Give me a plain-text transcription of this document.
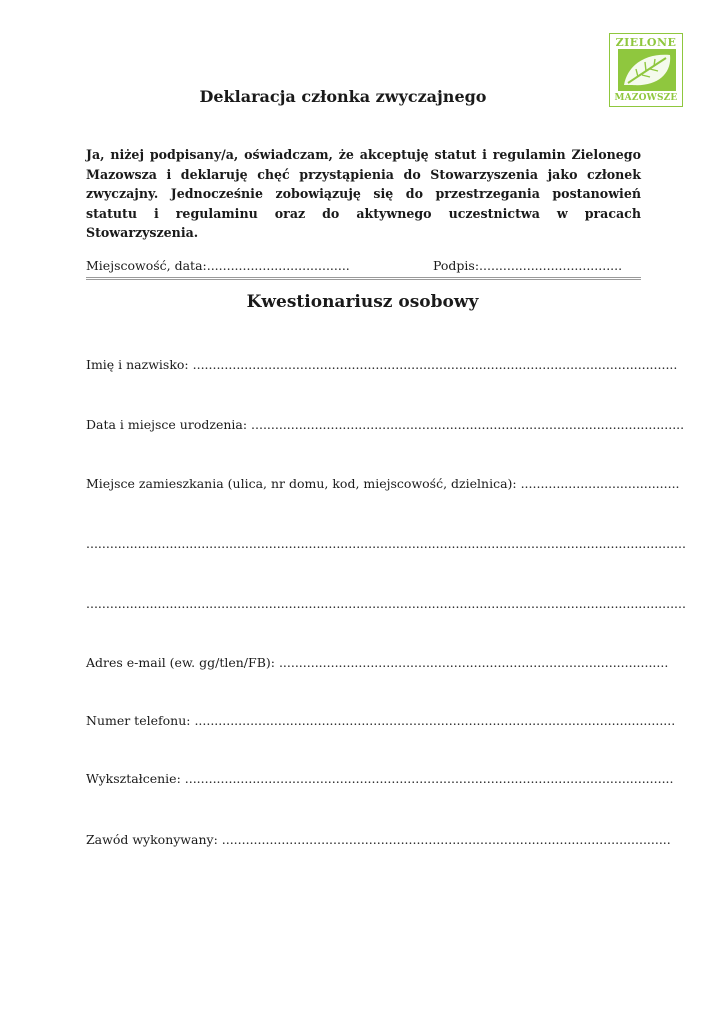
ZIELONE
MAZOWSZE
Deklaracja członka zwyczajnego
Ja, niżej podpisany/a, oświadczam, że akceptuję statut i regulamin Zielonego Mazowsza i deklaruję chęć przystąpienia do Stowarzyszenia jako członek zwyczajny. Jednocześnie zobowiązuję się do przestrzegania postanowień statutu i regulaminu oraz do aktywnego uczestnictwa w pracach Stowarzyszenia.
Miejscowość, data:....................................	Podpis:....................................
Kwestionariusz osobowy
Imię i nazwisko: ..........................................................................................................................
Data i miejsce urodzenia: .............................................................................................................
Miejsce zamieszkania (ulica, nr domu, kod, miejscowość, dzielnica): ........................................
.......................................................................................................................................................
.......................................................................................................................................................
Adres e-mail (ew. gg/tlen/FB): ..................................................................................................
Numer telefonu: .........................................................................................................................
Wykształcenie: ...........................................................................................................................
Zawód wykonywany: .................................................................................................................
